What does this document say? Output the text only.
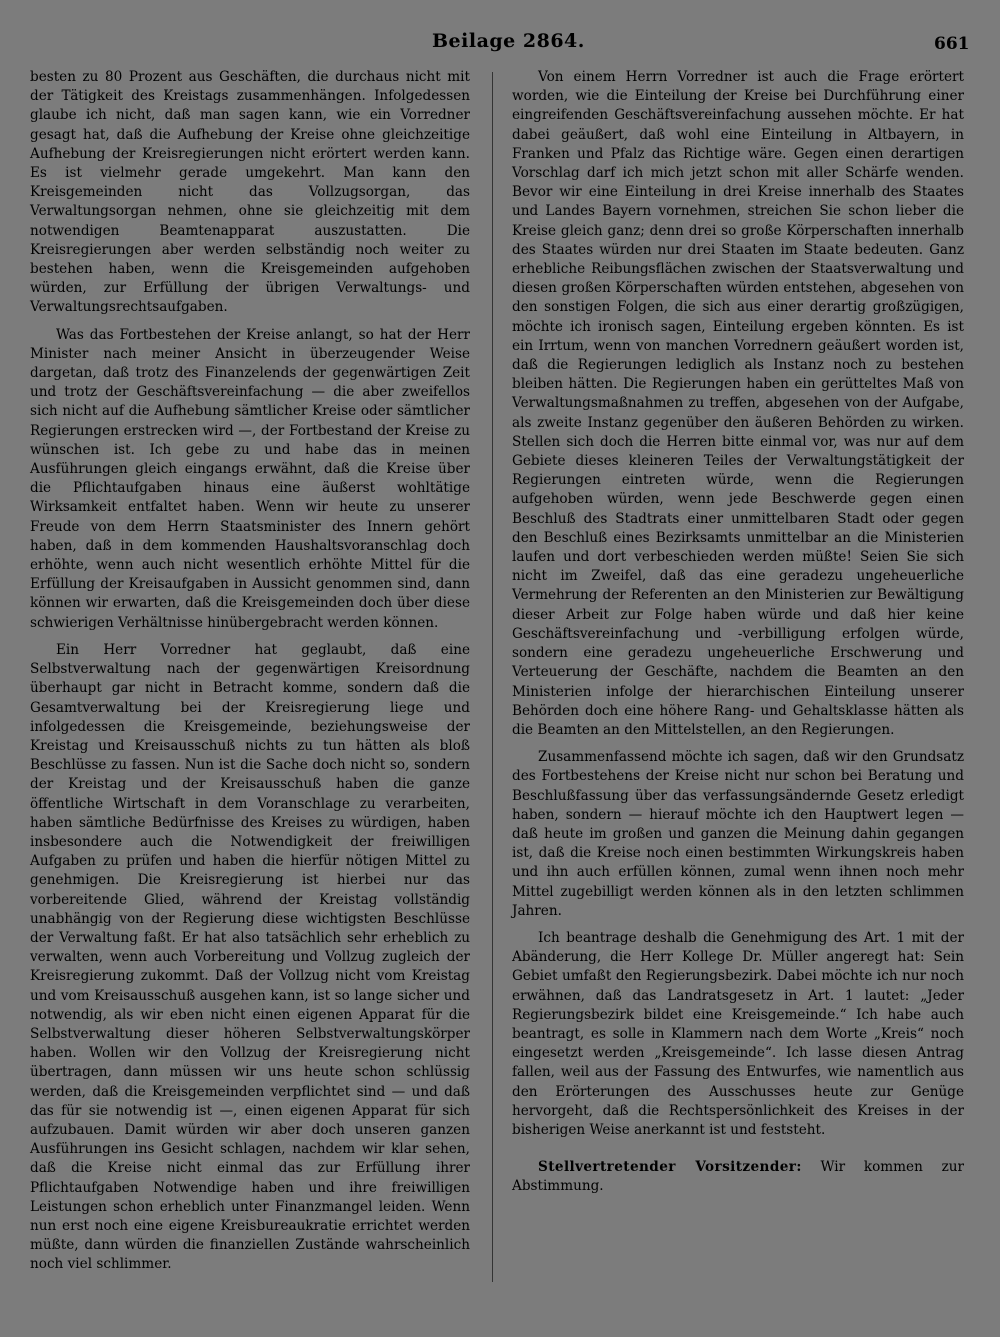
Beilage 2864.	661

besten zu 80 Prozent aus Geschäften, die durchaus nicht mit der Tätigkeit des Kreistags zusammenhängen. Infolgedessen glaube ich nicht, daß man sagen kann, wie ein Vorredner gesagt hat, daß die Aufhebung der Kreise ohne gleichzeitige Aufhebung der Kreisregierungen nicht erörtert werden kann. Es ist vielmehr gerade umgekehrt. Man kann den Kreisgemeinden nicht das Vollzugsorgan, das Verwaltungsorgan nehmen, ohne sie gleichzeitig mit dem notwendigen Beamtenapparat auszustatten. Die Kreisregierungen aber werden selbständig noch weiter zu bestehen haben, wenn die Kreisgemeinden aufgehoben würden, zur Erfüllung der übrigen Verwaltungs- und Verwaltungsrechtsaufgaben.

Was das Fortbestehen der Kreise anlangt, so hat der Herr Minister nach meiner Ansicht in überzeugender Weise dargetan, daß trotz des Finanzelends der gegenwärtigen Zeit und trotz der Geschäftsvereinfachung — die aber zweifellos sich nicht auf die Aufhebung sämtlicher Kreise oder sämtlicher Regierungen erstrecken wird —, der Fortbestand der Kreise zu wünschen ist. Ich gebe zu und habe das in meinen Ausführungen gleich eingangs erwähnt, daß die Kreise über die Pflichtaufgaben hinaus eine äußerst wohltätige Wirksamkeit entfaltet haben. Wenn wir heute zu unserer Freude von dem Herrn Staatsminister des Innern gehört haben, daß in dem kommenden Haushaltsvoranschlag doch erhöhte, wenn auch nicht wesentlich erhöhte Mittel für die Erfüllung der Kreisaufgaben in Aussicht genommen sind, dann können wir erwarten, daß die Kreisgemeinden doch über diese schwierigen Verhältnisse hinübergebracht werden können.

Ein Herr Vorredner hat geglaubt, daß eine Selbstverwaltung nach der gegenwärtigen Kreisordnung überhaupt gar nicht in Betracht komme, sondern daß die Gesamtverwaltung bei der Kreisregierung liege und infolgedessen die Kreisgemeinde, beziehungsweise der Kreistag und Kreisausschuß nichts zu tun hätten als bloß Beschlüsse zu fassen. Nun ist die Sache doch nicht so, sondern der Kreistag und der Kreisausschuß haben die ganze öffentliche Wirtschaft in dem Voranschlage zu verarbeiten, haben sämtliche Bedürfnisse des Kreises zu würdigen, haben insbesondere auch die Notwendigkeit der freiwilligen Aufgaben zu prüfen und haben die hierfür nötigen Mittel zu genehmigen. Die Kreisregierung ist hierbei nur das vorbereitende Glied, während der Kreistag vollständig unabhängig von der Regierung diese wichtigsten Beschlüsse der Verwaltung faßt. Er hat also tatsächlich sehr erheblich zu verwalten, wenn auch Vorbereitung und Vollzug zugleich der Kreisregierung zukommt. Daß der Vollzug nicht vom Kreistag und vom Kreisausschuß ausgehen kann, ist so lange sicher und notwendig, als wir eben nicht einen eigenen Apparat für die Selbstverwaltung dieser höheren Selbstverwaltungskörper haben. Wollen wir den Vollzug der Kreisregierung nicht übertragen, dann müssen wir uns heute schon schlüssig werden, daß die Kreisgemeinden verpflichtet sind — und daß das für sie notwendig ist —, einen eigenen Apparat für sich aufzubauen. Damit würden wir aber doch unseren ganzen Ausführungen ins Gesicht schlagen, nachdem wir klar sehen, daß die Kreise nicht einmal das zur Erfüllung ihrer Pflichtaufgaben Notwendige haben und ihre freiwilligen Leistungen schon erheblich unter Finanzmangel leiden. Wenn nun erst noch eine eigene Kreisbureaukratie errichtet werden müßte, dann würden die finanziellen Zustände wahrscheinlich noch viel schlimmer.

Von einem Herrn Vorredner ist auch die Frage erörtert worden, wie die Einteilung der Kreise bei Durchführung einer eingreifenden Geschäftsvereinfachung aussehen möchte. Er hat dabei geäußert, daß wohl eine Einteilung in Altbayern, in Franken und Pfalz das Richtige wäre. Gegen einen derartigen Vorschlag darf ich mich jetzt schon mit aller Schärfe wenden. Bevor wir eine Einteilung in drei Kreise innerhalb des Staates und Landes Bayern vornehmen, streichen Sie schon lieber die Kreise gleich ganz; denn drei so große Körperschaften innerhalb des Staates würden nur drei Staaten im Staate bedeuten. Ganz erhebliche Reibungsflächen zwischen der Staatsverwaltung und diesen großen Körperschaften würden entstehen, abgesehen von den sonstigen Folgen, die sich aus einer derartig großzügigen, möchte ich ironisch sagen, Einteilung ergeben könnten. Es ist ein Irrtum, wenn von manchen Vorrednern geäußert worden ist, daß die Regierungen lediglich als Instanz noch zu bestehen bleiben hätten. Die Regierungen haben ein gerütteltes Maß von Verwaltungsmaßnahmen zu treffen, abgesehen von der Aufgabe, als zweite Instanz gegenüber den äußeren Behörden zu wirken. Stellen sich doch die Herren bitte einmal vor, was nur auf dem Gebiete dieses kleineren Teiles der Verwaltungstätigkeit der Regierungen eintreten würde, wenn die Regierungen aufgehoben würden, wenn jede Beschwerde gegen einen Beschluß des Stadtrats einer unmittelbaren Stadt oder gegen den Beschluß eines Bezirksamts unmittelbar an die Ministerien laufen und dort verbeschieden werden müßte! Seien Sie sich nicht im Zweifel, daß das eine geradezu ungeheuerliche Vermehrung der Referenten an den Ministerien zur Bewältigung dieser Arbeit zur Folge haben würde und daß hier keine Geschäftsvereinfachung und -verbilligung erfolgen würde, sondern eine geradezu ungeheuerliche Erschwerung und Verteuerung der Geschäfte, nachdem die Beamten an den Ministerien infolge der hierarchischen Einteilung unserer Behörden doch eine höhere Rang- und Gehaltsklasse hätten als die Beamten an den Mittelstellen, an den Regierungen.

Zusammenfassend möchte ich sagen, daß wir den Grundsatz des Fortbestehens der Kreise nicht nur schon bei Beratung und Beschlußfassung über das verfassungsändernde Gesetz erledigt haben, sondern — hierauf möchte ich den Hauptwert legen — daß heute im großen und ganzen die Meinung dahin gegangen ist, daß die Kreise noch einen bestimmten Wirkungskreis haben und ihn auch erfüllen können, zumal wenn ihnen noch mehr Mittel zugebilligt werden können als in den letzten schlimmen Jahren.

Ich beantrage deshalb die Genehmigung des Art. 1 mit der Abänderung, die Herr Kollege Dr. Müller angeregt hat: Sein Gebiet umfaßt den Regierungsbezirk. Dabei möchte ich nur noch erwähnen, daß das Landratsgesetz in Art. 1 lautet: „Jeder Regierungsbezirk bildet eine Kreisgemeinde.“ Ich habe auch beantragt, es solle in Klammern nach dem Worte „Kreis“ noch eingesetzt werden „Kreisgemeinde“. Ich lasse diesen Antrag fallen, weil aus der Fassung des Entwurfes, wie namentlich aus den Erörterungen des Ausschusses heute zur Genüge hervorgeht, daß die Rechtspersönlichkeit des Kreises in der bisherigen Weise anerkannt ist und feststeht.

Stellvertretender Vorsitzender: Wir kommen zur Abstimmung.
